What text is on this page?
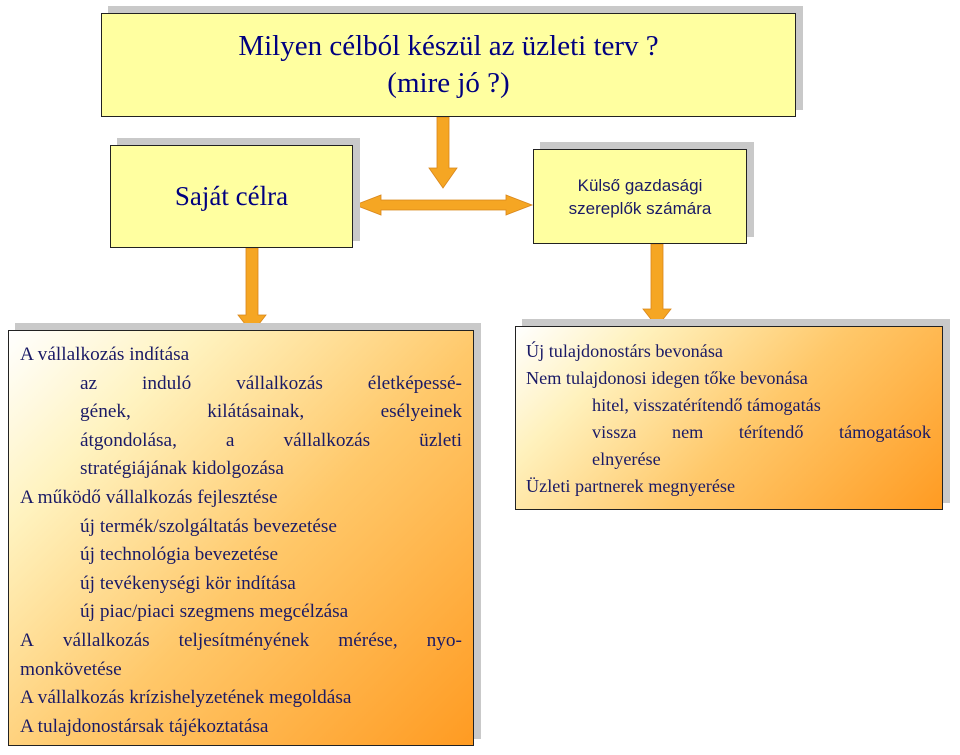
Milyen célból készül az üzleti terv ?
(mire jó ?)
Saját célra	Külső gazdasági
szereplők számára
A vállalkozás indítása
az induló vállalkozás életképessé-
gének,	kilátásainak,	esélyeinek
átgondolása,	a	vállalkozás	üzleti
stratégiájának kidolgozása
A működő vállalkozás fejlesztése
új termék/szolgáltatás bevezetése
új technológia bevezetése
új tevékenységi kör indítása
új piac/piaci szegmens megcélzása
A vállalkozás teljesítményének mérése, nyo-
monkövetése
A vállalkozás krízishelyzetének megoldása
A tulajdonostársak tájékoztatása
Új tulajdonostárs bevonása
Nem tulajdonosi idegen tőke bevonása
hitel, visszatérítendő támogatás
vissza nem térítendő támogatások
elnyerése
Üzleti partnerek megnyerése
